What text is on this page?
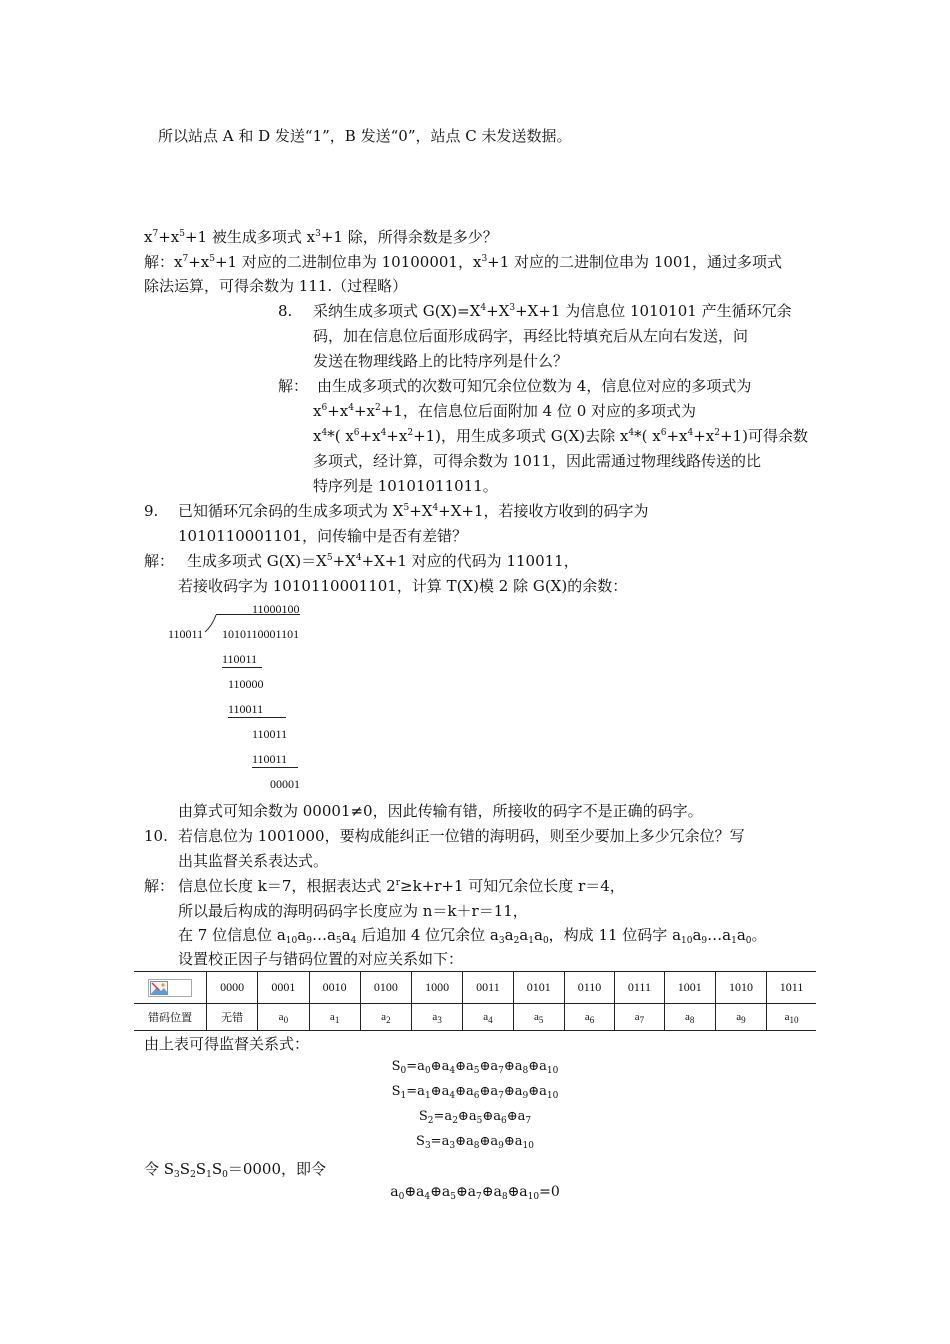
所以站点 A 和 D 发送“1”，B 发送“0”，站点 C 未发送数据。
$x^7+x^5+1$ 被生成多项式 $x^3+1$ 除，所得余数是多少？
解：$x^7+x^5+1$ 对应的二进制位串为 10100001，$x^3+1$ 对应的二进制位串为 1001，通过多项式
除法运算，可得余数为 111.（过程略）
8. 采纳生成多项式 $G(X)=X^4+X^3+X+1$ 为信息位 1010101 产生循环冗余
码，加在信息位后面形成码字，再经比特填充后从左向右发送，问
发送在物理线路上的比特序列是什么？
解： 由生成多项式的次数可知冗余位位数为 4，信息位对应的多项式为
$x^6+x^4+x^2+1$，在信息位后面附加 4 位 0 对应的多项式为
$x^4*$( $x^6+x^4+x^2+1$)，用生成多项式 G(X)去除 $x^4*$( $x^6+x^4+x^2+1$)可得余数
多项式，经计算，可得余数为 1011，因此需通过物理线路传送的比
特序列是 10101011011。
9. 已知循环冗余码的生成多项式为 $X^5+X^4+X+1$，若接收方收到的码字为
1010110001101，问传输中是否有差错？
解： 生成多项式 $G(X)=X^5+X^4+X+1$ 对应的代码为 110011，
若接收码字为 1010110001101，计算 T(X)模 2 除 G(X)的余数：
11000100
110011 1010110001101
110011
110000
110011
110011
110011
00001
由算式可知余数为 00001≠0，因此传输有错，所接收的码字不是正确的码字。
10. 若信息位为 1001000，要构成能纠正一位错的海明码，则至少要加上多少冗余位？写
出其监督关系表达式。
解： 信息位长度 k＝7，根据表达式 $2^r\ge k+r+1$ 可知冗余位长度 r＝4，
所以最后构成的海明码码字长度应为 n＝k＋r＝11，
在 7 位信息位 $a_{10}a_9\dots a_5a_4$ 后追加 4 位冗余位 $a_3a_2a_1a_0$，构成 11 位码字 $a_{10}a_9\dots a_1a_0$。
设置校正因子与错码位置的对应关系如下：
	0000	0001	0010	0100	1000	0011	0101	0110	0111	1001	1010	1011
错码位置	无错	$a_0$	$a_1$	$a_2$	$a_3$	$a_4$	$a_5$	$a_6$	$a_7$	$a_8$	$a_9$	$a_{10}$
由上表可得监督关系式：
$S_0=a_0\oplus a_4\oplus a_5\oplus a_7\oplus a_8\oplus a_{10}$
$S_1=a_1\oplus a_4\oplus a_6\oplus a_7\oplus a_9\oplus a_{10}$
$S_2=a_2\oplus a_5\oplus a_6\oplus a_7$
$S_3=a_3\oplus a_8\oplus a_9\oplus a_{10}$
令 $S_3S_2S_1S_0=0000$，即令
$a_0\oplus a_4\oplus a_5\oplus a_7\oplus a_8\oplus a_{10}=0$
